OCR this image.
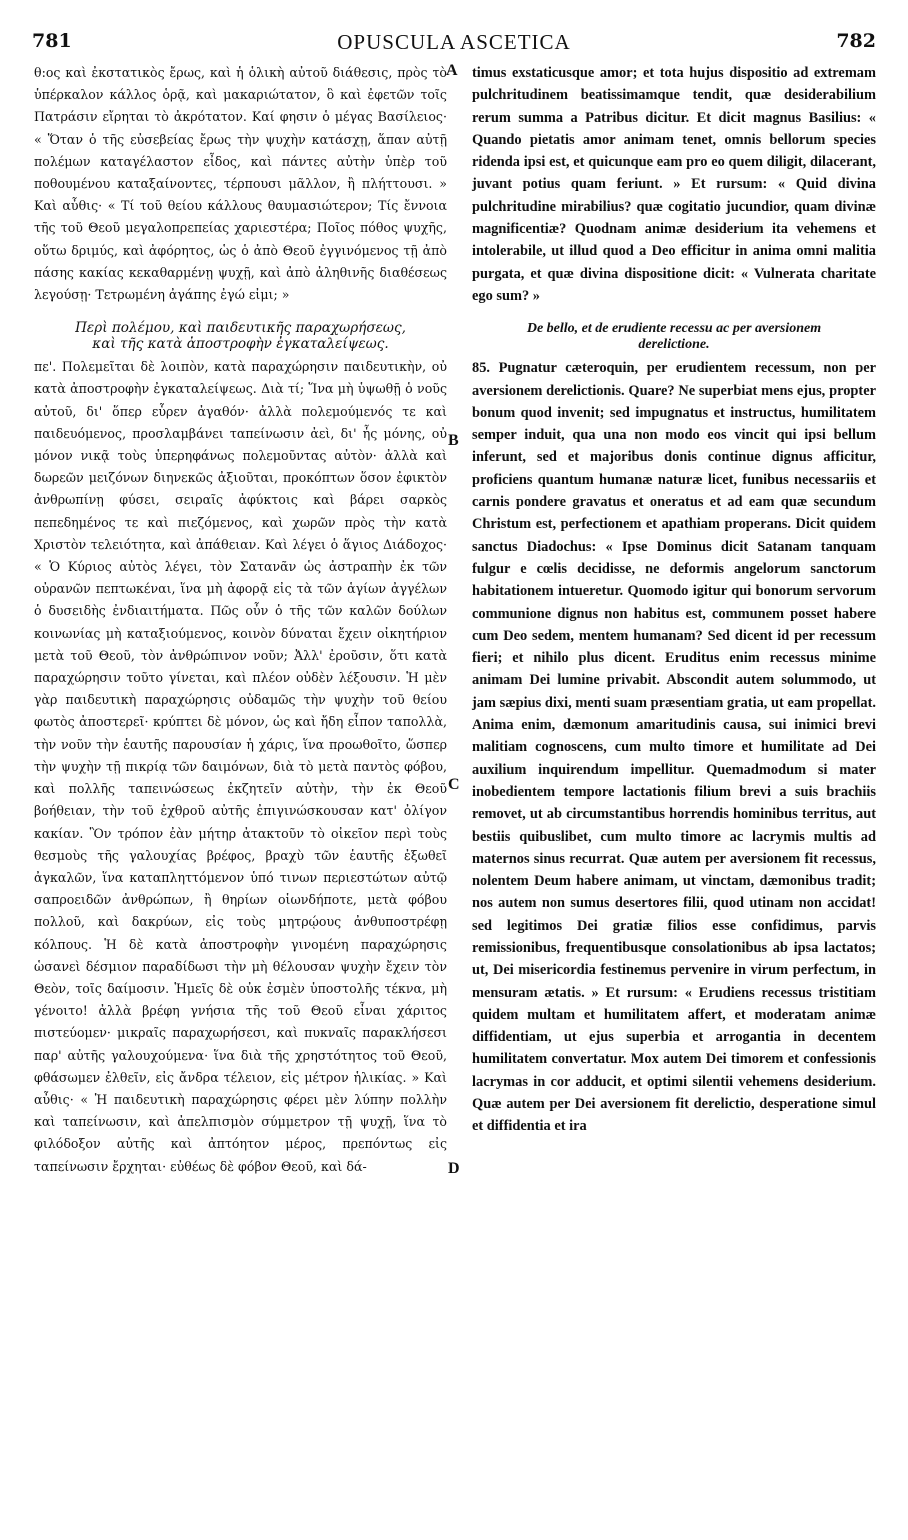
781	OPUSCULA ASCETICA	782

θ:ος καὶ ἐκστατικὸς ἔρως, καὶ ἡ ὁλικὴ αὐτοῦ διάθεσις, πρὸς τὸ ὑπέρκαλον κάλλος ὁρᾷ, καὶ μακαριώτατον, ὃ καὶ ἐφετῶν τοῖς Πατράσιν εἴρηται τὸ ἀκρότατον. Καί φησιν ὁ μέγας Βασίλειος· « Ὅταν ὁ τῆς εὐσεβείας ἔρως τὴν ψυχὴν κατάσχῃ, ἅπαν αὐτῇ πολέμων καταγέλαστον εἶδος, καὶ πάντες αὐτὴν ὑπὲρ τοῦ ποθουμένου καταξαίνοντες, τέρπουσι μᾶλλον, ἢ πλήττουσι. » Καὶ αὖθις· « Τί τοῦ θείου κάλλους θαυμασιώτερον; Τίς ἔννοια τῆς τοῦ Θεοῦ μεγαλοπρεπείας χαριεστέρα; Ποῖος πόθος ψυχῆς, οὕτω δριμύς, καὶ ἀφόρητος, ὡς ὁ ἀπὸ Θεοῦ ἐγγινόμενος τῇ ἀπὸ πάσης κακίας κεκαθαρμένῃ ψυχῇ, καὶ ἀπὸ ἀληθινῆς διαθέσεως λεγούσῃ· Τετρωμένη ἀγάπης ἐγώ εἰμι; »

Περὶ πολέμου, καὶ παιδευτικῆς παραχωρήσεως,
καὶ τῆς κατὰ ἀποστροφὴν ἐγκαταλείψεως.

πε'. Πολεμεῖται δὲ λοιπὸν, κατὰ παραχώρησιν παιδευτικὴν, οὐ κατὰ ἀποστροφὴν ἐγκαταλείψεως. Διὰ τί; Ἵνα μὴ ὑψωθῇ ὁ νοῦς αὐτοῦ, δι' ὅπερ εὗρεν ἀγαθόν· ἀλλὰ πολεμούμενός τε καὶ παιδευόμενος, προσλαμβάνει ταπείνωσιν ἀεὶ, δι' ἧς μόνης, οὐ μόνον νικᾷ τοὺς ὑπερηφάνως πολεμοῦντας αὐτὸν· ἀλλὰ καὶ δωρεῶν μειζόνων διηνεκῶς ἀξιοῦται, προκόπτων ὅσον ἐφικτὸν ἀνθρωπίνῃ φύσει, σειραῖς ἀφύκτοις καὶ βάρει σαρκὸς πεπεδημένος τε καὶ πιεζόμενος, καὶ χωρῶν πρὸς τὴν κατὰ Χριστὸν τελειότητα, καὶ ἀπάθειαν. Καὶ λέγει ὁ ἅγιος Διάδοχος· « Ὁ Κύριος αὐτὸς λέγει, τὸν Σατανᾶν ὡς ἀστραπὴν ἐκ τῶν οὐρανῶν πεπτωκέναι, ἵνα μὴ ἀφορᾷ εἰς τὰ τῶν ἁγίων ἀγγέλων ὁ δυσειδὴς ἐνδιαιτήματα. Πῶς οὖν ὁ τῆς τῶν καλῶν δούλων κοινωνίας μὴ καταξιούμενος, κοινὸν δύναται ἔχειν οἰκητήριον μετὰ τοῦ Θεοῦ, τὸν ἀνθρώπινον νοῦν; Ἀλλ' ἐροῦσιν, ὅτι κατὰ παραχώρησιν τοῦτο γίνεται, καὶ πλέον οὐδὲν λέξουσιν. Ἡ μὲν γὰρ παιδευτικὴ παραχώρησις οὐδαμῶς τὴν ψυχὴν τοῦ θείου φωτὸς ἀποστερεῖ· κρύπτει δὲ μόνον, ὡς καὶ ἤδη εἶπον ταπολλὰ, τὴν νοῦν τὴν ἑαυτῆς παρουσίαν ἡ χάρις, ἵνα προωθοῖτο, ὥσπερ τὴν ψυχὴν τῇ πικρίᾳ τῶν δαιμόνων, διὰ τὸ μετὰ παντὸς φόβου, καὶ πολλῆς ταπεινώσεως ἐκζητεῖν αὐτὴν, τὴν ἐκ Θεοῦ βοήθειαν, τὴν τοῦ ἐχθροῦ αὐτῆς ἐπιγινώσκουσαν κατ' ὀλίγον κακίαν. Ὃν τρόπον ἐὰν μήτηρ ἀτακτοῦν τὸ οἰκεῖον περὶ τοὺς θεσμοὺς τῆς γαλουχίας βρέφος, βραχὺ τῶν ἑαυτῆς ἐξωθεῖ ἀγκαλῶν, ἵνα καταπληττόμενον ὑπό τινων περιεστώτων αὐτῷ σαπροειδῶν ἀνθρώπων, ἢ θηρίων οἱωνδήποτε, μετὰ φόβου πολλοῦ, καὶ δακρύων, εἰς τοὺς μητρῴους ἀνθυποστρέφῃ κόλπους. Ἡ δὲ κατὰ ἀποστροφὴν γινομένη παραχώρησις ὡσανεὶ δέσμιον παραδίδωσι τὴν μὴ θέλουσαν ψυχὴν ἔχειν τὸν Θεὸν, τοῖς δαίμοσιν. Ἡμεῖς δὲ οὐκ ἐσμὲν ὑποστολῆς τέκνα, μὴ γένοιτο! ἀλλὰ βρέφη γνήσια τῆς τοῦ Θεοῦ εἶναι χάριτος πιστεύομεν· μικραῖς παραχωρήσεσι, καὶ πυκναῖς παρακλήσεσι παρ' αὐτῆς γαλουχούμενα· ἵνα διὰ τῆς χρηστότητος τοῦ Θεοῦ, φθάσωμεν ἐλθεῖν, εἰς ἄνδρα τέλειον, εἰς μέτρον ἡλικίας. » Καὶ αὖθις· « Ἡ παιδευτικὴ παραχώρησις φέρει μὲν λύπην πολλὴν καὶ ταπείνωσιν, καὶ ἀπελπισμὸν σύμμετρον τῇ ψυχῇ, ἵνα τὸ φιλόδοξον αὐτῆς καὶ ἀπτόητον μέρος, πρεπόντως εἰς ταπείνωσιν ἔρχηται· εὐθέως δὲ φόβον Θεοῦ, καὶ δά-

A
B
C
D

timus exstaticusque amor; et tota hujus dispositio ad extremam pulchritudinem beatissimamque tendit, quæ desiderabilium rerum summa a Patribus dicitur. Et dicit magnus Basilius: « Quando pietatis amor animam tenet, omnis bellorum species ridenda ipsi est, et quicunque eam pro eo quem diligit, dilacerant, juvant potius quam feriunt. » Et rursum: « Quid divina pulchritudine mirabilius? quæ cogitatio jucundior, quam divinæ magnificentiæ? Quodnam animæ desiderium ita vehemens et intolerabile, ut illud quod a Deo efficitur in anima omni malitia purgata, et quæ divina dispositione dicit: « Vulnerata charitate ego sum? »

De bello, et de erudiente recessu ac per aversionem
derelictione.

85. Pugnatur cæteroquin, per erudientem recessum, non per aversionem derelictionis. Quare? Ne superbiat mens ejus, propter bonum quod invenit; sed impugnatus et instructus, humilitatem semper induit, qua una non modo eos vincit qui ipsi bellum inferunt, sed et majoribus donis continue dignus afficitur, proficiens quantum humanæ naturæ licet, funibus necessariis et carnis pondere gravatus et oneratus et ad eam quæ secundum Christum est, perfectionem et apathiam properans. Dicit quidem sanctus Diadochus: « Ipse Dominus dicit Satanam tanquam fulgur e cœlis decidisse, ne deformis angelorum sanctorum habitationem intueretur. Quomodo igitur qui bonorum servorum communione dignus non habitus est, communem posset habere cum Deo sedem, mentem humanam? Sed dicent id per recessum fieri; et nihilo plus dicent. Eruditus enim recessus minime animam Dei lumine privabit. Abscondit autem solummodo, ut jam sæpius dixi, menti suam præsentiam gratia, ut eam propellat. Anima enim, dæmonum amaritudinis causa, sui inimici brevi malitiam cognoscens, cum multo timore et humilitate ad Dei auxilium inquirendum impellitur. Quemadmodum si mater inobedientem tempore lactationis filium brevi a suis brachiis removet, ut ab circumstantibus horrendis hominibus territus, aut bestiis quibuslibet, cum multo timore ac lacrymis multis ad maternos sinus recurrat. Quæ autem per aversionem fit recessus, nolentem Deum habere animam, ut vinctam, dæmonibus tradit; nos autem non sumus desertores filii, quod utinam non accidat! sed legitimos Dei gratiæ filios esse confidimus, parvis remissionibus, frequentibusque consolationibus ab ipsa lactatos; ut, Dei misericordia festinemus pervenire in virum perfectum, in mensuram ætatis. » Et rursum: « Erudiens recessus tristitiam quidem multam et humilitatem affert, et moderatam animæ diffidentiam, ut ejus superbia et arrogantia in decentem humilitatem convertatur. Mox autem Dei timorem et confessionis lacrymas in cor adducit, et optimi silentii vehemens desiderium. Quæ autem per Dei aversionem fit derelictio, desperatione simul et diffidentia et ira
